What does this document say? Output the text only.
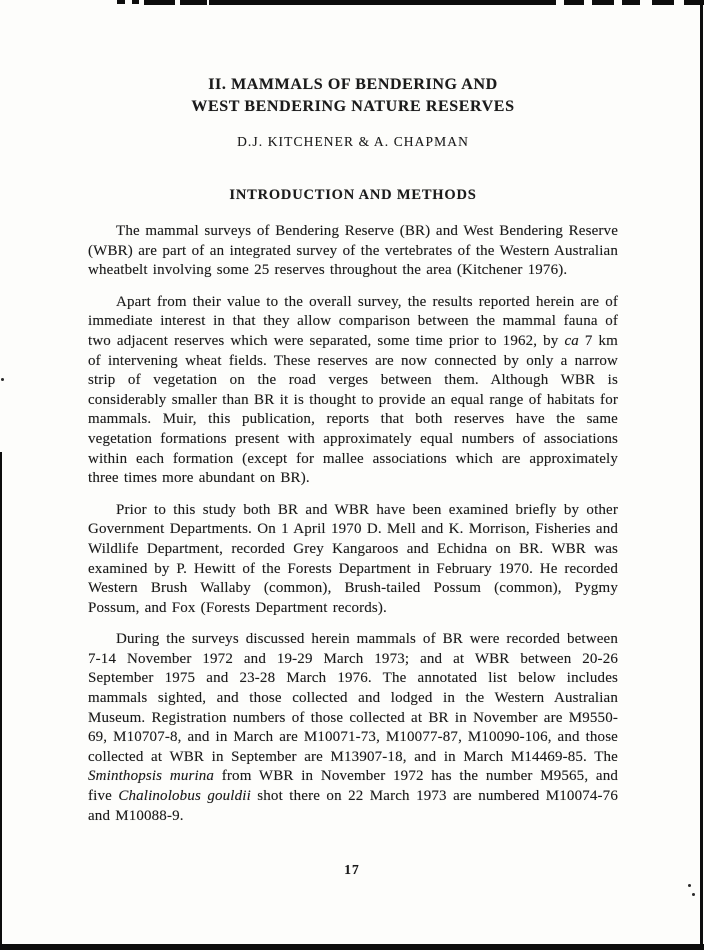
II. MAMMALS OF BENDERING AND
WEST BENDERING NATURE RESERVES
D.J. KITCHENER & A. CHAPMAN
INTRODUCTION AND METHODS

The mammal surveys of Bendering Reserve (BR) and West Bendering Reserve (WBR) are part of an integrated survey of the vertebrates of the Western Australian wheatbelt involving some 25 reserves throughout the area (Kitchener 1976).

Apart from their value to the overall survey, the results reported herein are of immediate interest in that they allow comparison between the mammal fauna of two adjacent reserves which were separated, some time prior to 1962, by ca 7 km of intervening wheat fields. These reserves are now connected by only a narrow strip of vegetation on the road verges between them. Although WBR is considerably smaller than BR it is thought to provide an equal range of habitats for mammals. Muir, this publication, reports that both reserves have the same vegetation formations present with approximately equal numbers of associations within each formation (except for mallee associations which are approximately three times more abundant on BR).

Prior to this study both BR and WBR have been examined briefly by other Government Departments. On 1 April 1970 D. Mell and K. Morrison, Fisheries and Wildlife Department, recorded Grey Kangaroos and Echidna on BR. WBR was examined by P. Hewitt of the Forests Department in February 1970. He recorded Western Brush Wallaby (common), Brush-tailed Possum (common), Pygmy Possum, and Fox (Forests Department records).

During the surveys discussed herein mammals of BR were recorded between 7-14 November 1972 and 19-29 March 1973; and at WBR between 20-26 September 1975 and 23-28 March 1976. The annotated list below includes mammals sighted, and those collected and lodged in the Western Australian Museum. Registration numbers of those collected at BR in November are M9550-69, M10707-8, and in March are M10071-73, M10077-87, M10090-106, and those collected at WBR in September are M13907-18, and in March M14469-85. The Sminthopsis murina from WBR in November 1972 has the number M9565, and five Chalinolobus gouldii shot there on 22 March 1973 are numbered M10074-76 and M10088-9.

17
